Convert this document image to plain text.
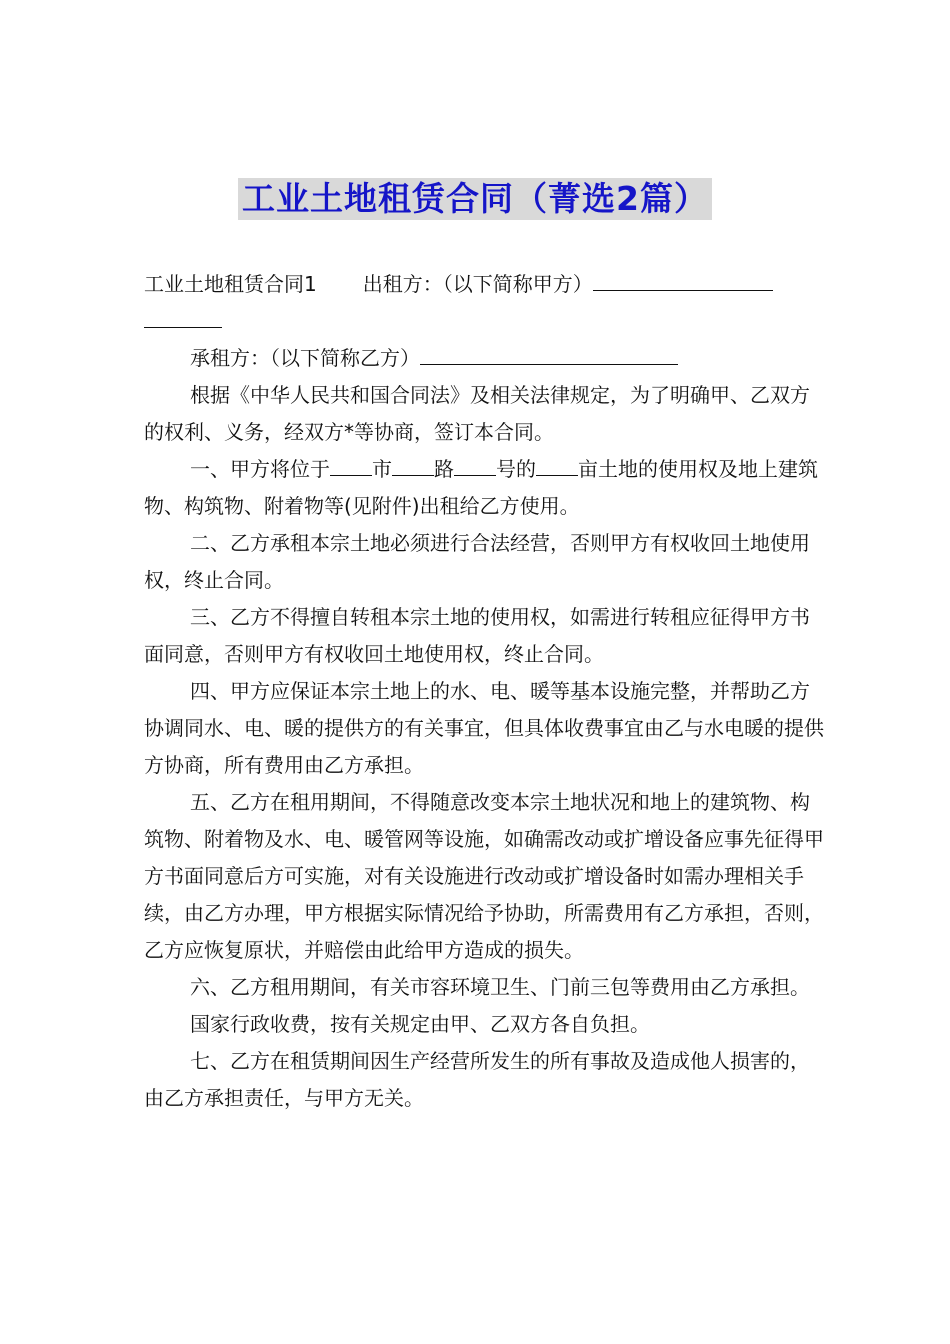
工业土地租赁合同（菁选2篇）

工业土地租赁合同1 出租方：（以下简称甲方）

承租方：（以下简称乙方）

根据《中华人民共和国合同法》及相关法律规定，为了明确甲、乙双方的权利、义务，经双方*等协商，签订本合同。

一、甲方将位于 市 路 号的 亩土地的使用权及地上建筑物、构筑物、附着物等(见附件)出租给乙方使用。

二、乙方承租本宗土地必须进行合法经营，否则甲方有权收回土地使用权，终止合同。

三、乙方不得擅自转租本宗土地的使用权，如需进行转租应征得甲方书面同意，否则甲方有权收回土地使用权，终止合同。

四、甲方应保证本宗土地上的水、电、暖等基本设施完整，并帮助乙方协调同水、电、暖的提供方的有关事宜，但具体收费事宜由乙与水电暖的提供方协商，所有费用由乙方承担。

五、乙方在租用期间，不得随意改变本宗土地状况和地上的建筑物、构筑物、附着物及水、电、暖管网等设施，如确需改动或扩增设备应事先征得甲方书面同意后方可实施，对有关设施进行改动或扩增设备时如需办理相关手续，由乙方办理，甲方根据实际情况给予协助，所需费用有乙方承担，否则，乙方应恢复原状，并赔偿由此给甲方造成的损失。

六、乙方租用期间，有关市容环境卫生、门前三包等费用由乙方承担。

国家行政收费，按有关规定由甲、乙双方各自负担。

七、乙方在租赁期间因生产经营所发生的所有事故及造成他人损害的，由乙方承担责任，与甲方无关。
